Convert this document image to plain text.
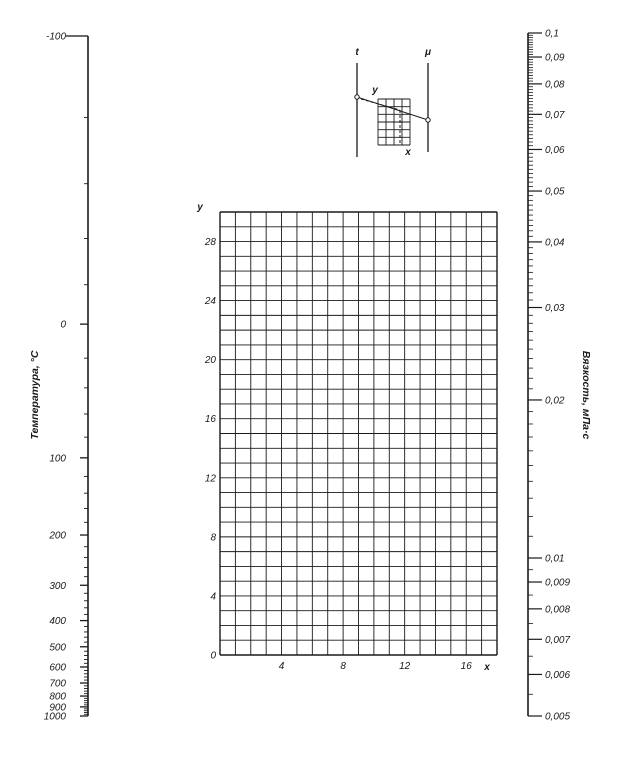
Температура, °C
-100
0
100
200
300
400
500
600
700
800
900
1000
y
x
0
4
8
12
16
20
24
28
4	8	12	16
Вязкость, мПа·с
0,1
0,09
0,08
0,07
0,06
0,05
0,04
0,03
0,02
0,01
0,009
0,008
0,007
0,006
0,005
t	μ
y
x
